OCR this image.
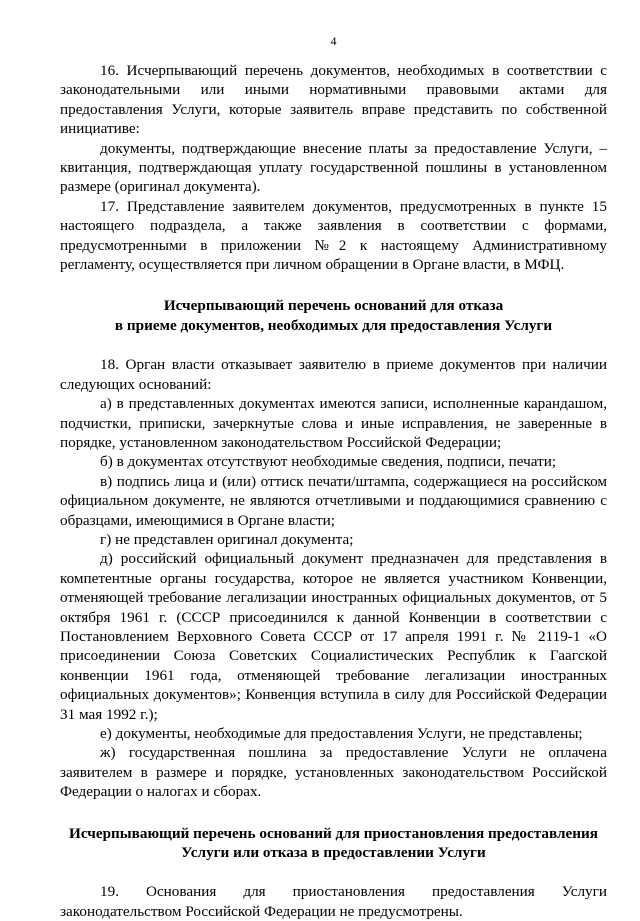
4

16. Исчерпывающий перечень документов, необходимых в соответствии с законодательными или иными нормативными правовыми актами для предоставления Услуги, которые заявитель вправе представить по собственной инициативе:

документы, подтверждающие внесение платы за предоставление Услуги, – квитанция, подтверждающая уплату государственной пошлины в установленном размере (оригинал документа).

17. Представление заявителем документов, предусмотренных в пункте 15 настоящего подраздела, а также заявления в соответствии с формами, предусмотренными в приложении №2 к настоящему Административному регламенту, осуществляется при личном обращении в Органе власти, в МФЦ.

Исчерпывающий перечень оснований для отказа
в приеме документов, необходимых для предоставления Услуги

18. Орган власти отказывает заявителю в приеме документов при наличии следующих оснований:

а) в представленных документах имеются записи, исполненные карандашом, подчистки, приписки, зачеркнутые слова и иные исправления, не заверенные в порядке, установленном законодательством Российской Федерации;

б) в документах отсутствуют необходимые сведения, подписи, печати;

в) подпись лица и (или) оттиск печати/штампа, содержащиеся на российском официальном документе, не являются отчетливыми и поддающимися сравнению с образцами, имеющимися в Органе власти;

г) не представлен оригинал документа;

д) российский официальный документ предназначен для представления в компетентные органы государства, которое не является участником Конвенции, отменяющей требование легализации иностранных официальных документов, от 5 октября 1961 г. (СССР присоединился к данной Конвенции в соответствии с Постановлением Верховного Совета СССР от 17 апреля 1991 г. № 2119-1 «О присоединении Союза Советских Социалистических Республик к Гаагской конвенции 1961 года, отменяющей требование легализации иностранных официальных документов»; Конвенция вступила в силу для Российской Федерации 31 мая 1992 г.);

е) документы, необходимые для предоставления Услуги, не представлены;

ж) государственная пошлина за предоставление Услуги не оплачена заявителем в размере и порядке, установленных законодательством Российской Федерации о налогах и сборах.

Исчерпывающий перечень оснований для приостановления предоставления
Услуги или отказа в предоставлении Услуги

19. Основания для приостановления предоставления Услуги законодательством Российской Федерации не предусмотрены.
